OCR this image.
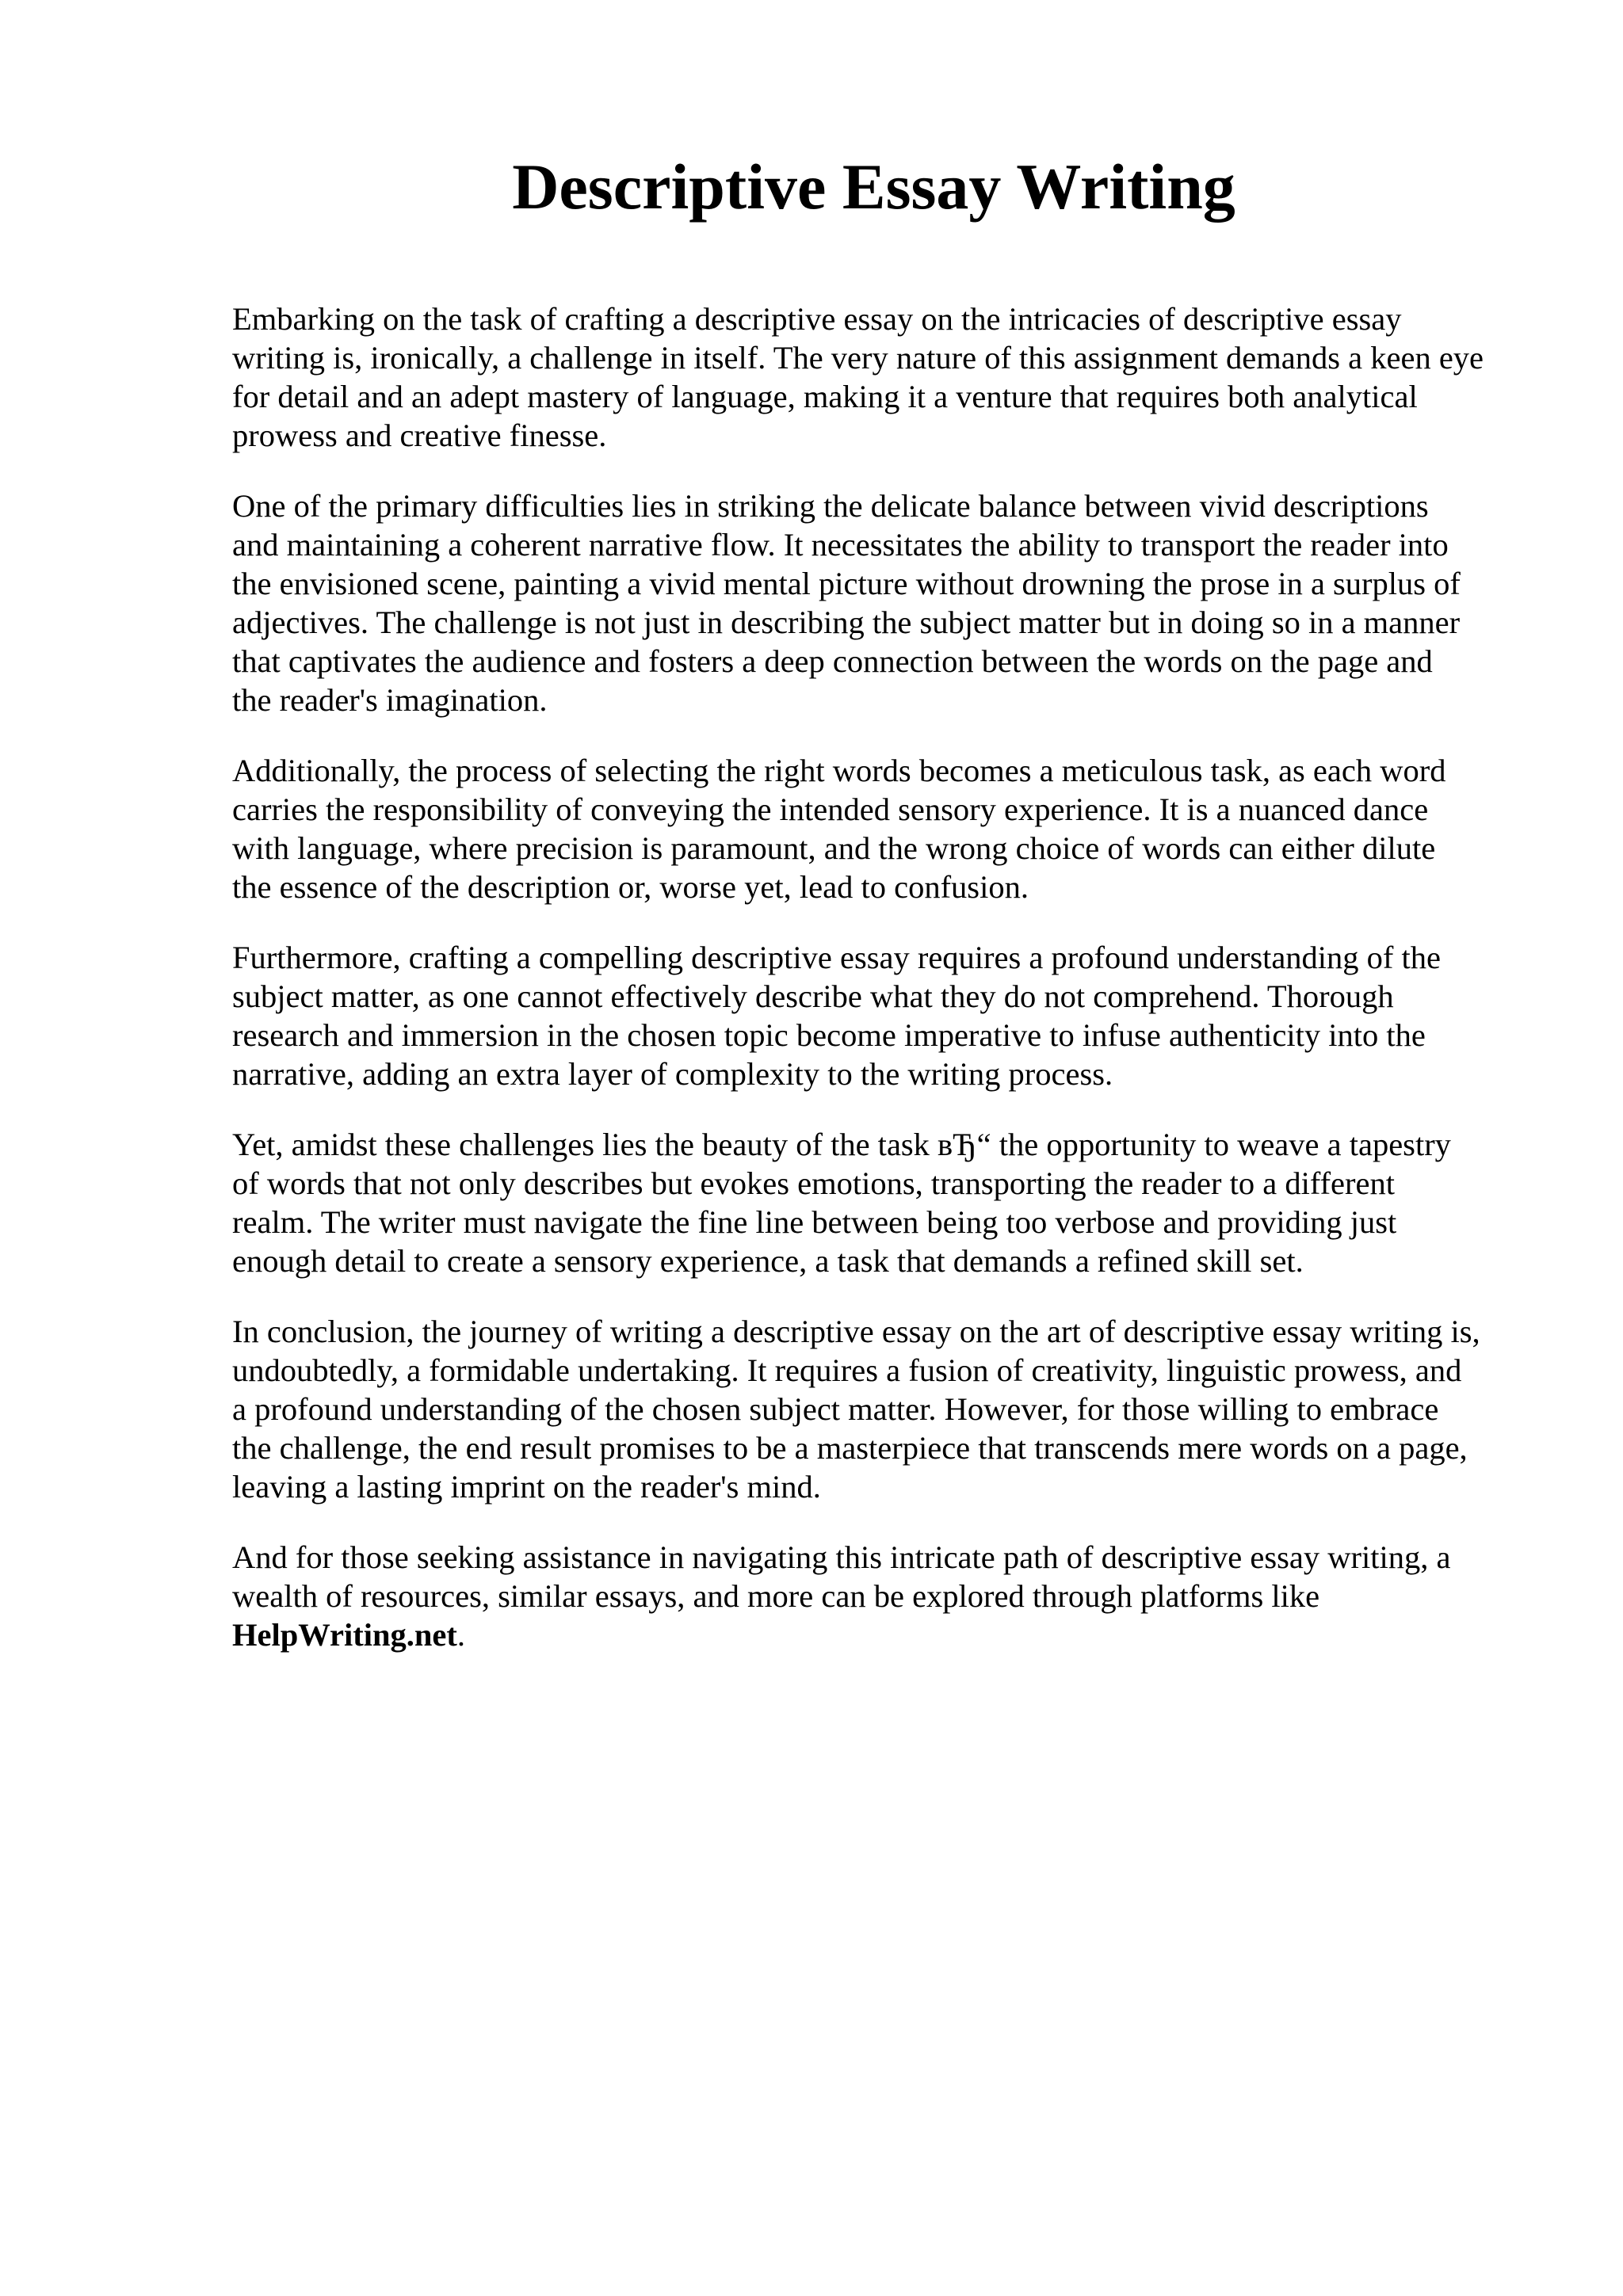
Descriptive Essay Writing

Embarking on the task of crafting a descriptive essay on the intricacies of descriptive essay
writing is, ironically, a challenge in itself. The very nature of this assignment demands a keen eye
for detail and an adept mastery of language, making it a venture that requires both analytical
prowess and creative finesse.

One of the primary difficulties lies in striking the delicate balance between vivid descriptions
and maintaining a coherent narrative flow. It necessitates the ability to transport the reader into
the envisioned scene, painting a vivid mental picture without drowning the prose in a surplus of
adjectives. The challenge is not just in describing the subject matter but in doing so in a manner
that captivates the audience and fosters a deep connection between the words on the page and
the reader's imagination.

Additionally, the process of selecting the right words becomes a meticulous task, as each word
carries the responsibility of conveying the intended sensory experience. It is a nuanced dance
with language, where precision is paramount, and the wrong choice of words can either dilute
the essence of the description or, worse yet, lead to confusion.

Furthermore, crafting a compelling descriptive essay requires a profound understanding of the
subject matter, as one cannot effectively describe what they do not comprehend. Thorough
research and immersion in the chosen topic become imperative to infuse authenticity into the
narrative, adding an extra layer of complexity to the writing process.

Yet, amidst these challenges lies the beauty of the task вЂ“ the opportunity to weave a tapestry
of words that not only describes but evokes emotions, transporting the reader to a different
realm. The writer must navigate the fine line between being too verbose and providing just
enough detail to create a sensory experience, a task that demands a refined skill set.

In conclusion, the journey of writing a descriptive essay on the art of descriptive essay writing is,
undoubtedly, a formidable undertaking. It requires a fusion of creativity, linguistic prowess, and
a profound understanding of the chosen subject matter. However, for those willing to embrace
the challenge, the end result promises to be a masterpiece that transcends mere words on a page,
leaving a lasting imprint on the reader's mind.

And for those seeking assistance in navigating this intricate path of descriptive essay writing, a
wealth of resources, similar essays, and more can be explored through platforms like
HelpWriting.net.
